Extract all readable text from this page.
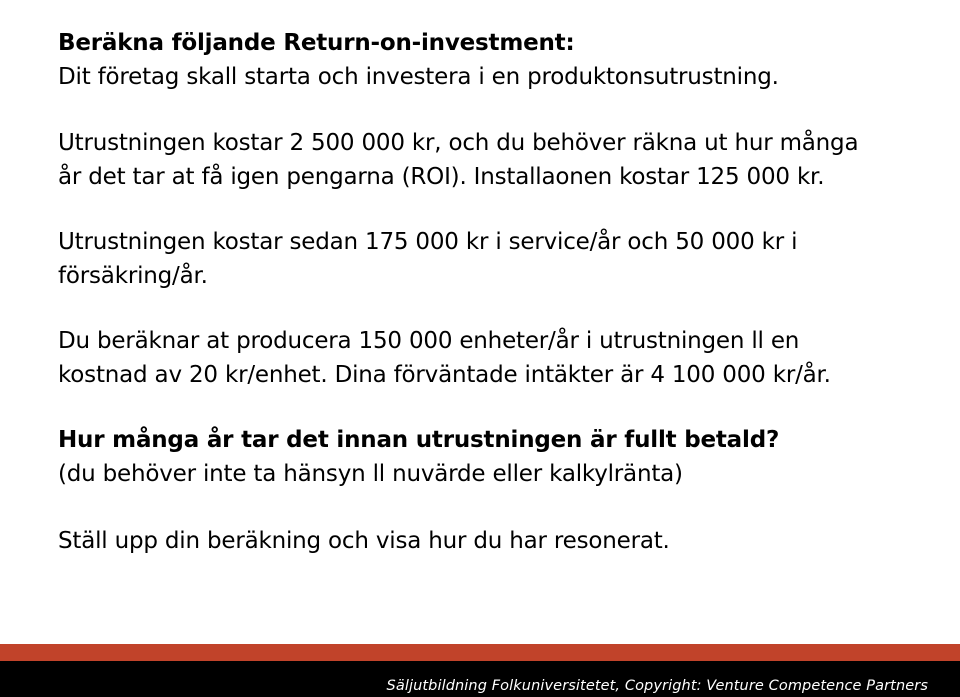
Beräkna följande Return-on-investment:
Dit företag skall starta och investera i en produktonsutrustning.
Utrustningen kostar 2 500 000 kr, och du behöver räkna ut hur många
år det tar at få igen pengarna (ROI). Installaonen kostar 125 000 kr.
Utrustningen kostar sedan 175 000 kr i service/år och 50 000 kr i
försäkring/år.
Du beräknar at producera 150 000 enheter/år i utrustningen ll en
kostnad av 20 kr/enhet. Dina förväntade intäkter är 4 100 000 kr/år.
Hur många år tar det innan utrustningen är fullt betald?
(du behöver inte ta hänsyn ll nuvärde eller kalkylränta)
Ställ upp din beräkning och visa hur du har resonerat.
Säljutbildning Folkuniversitetet, Copyright: Venture Competence Partners
